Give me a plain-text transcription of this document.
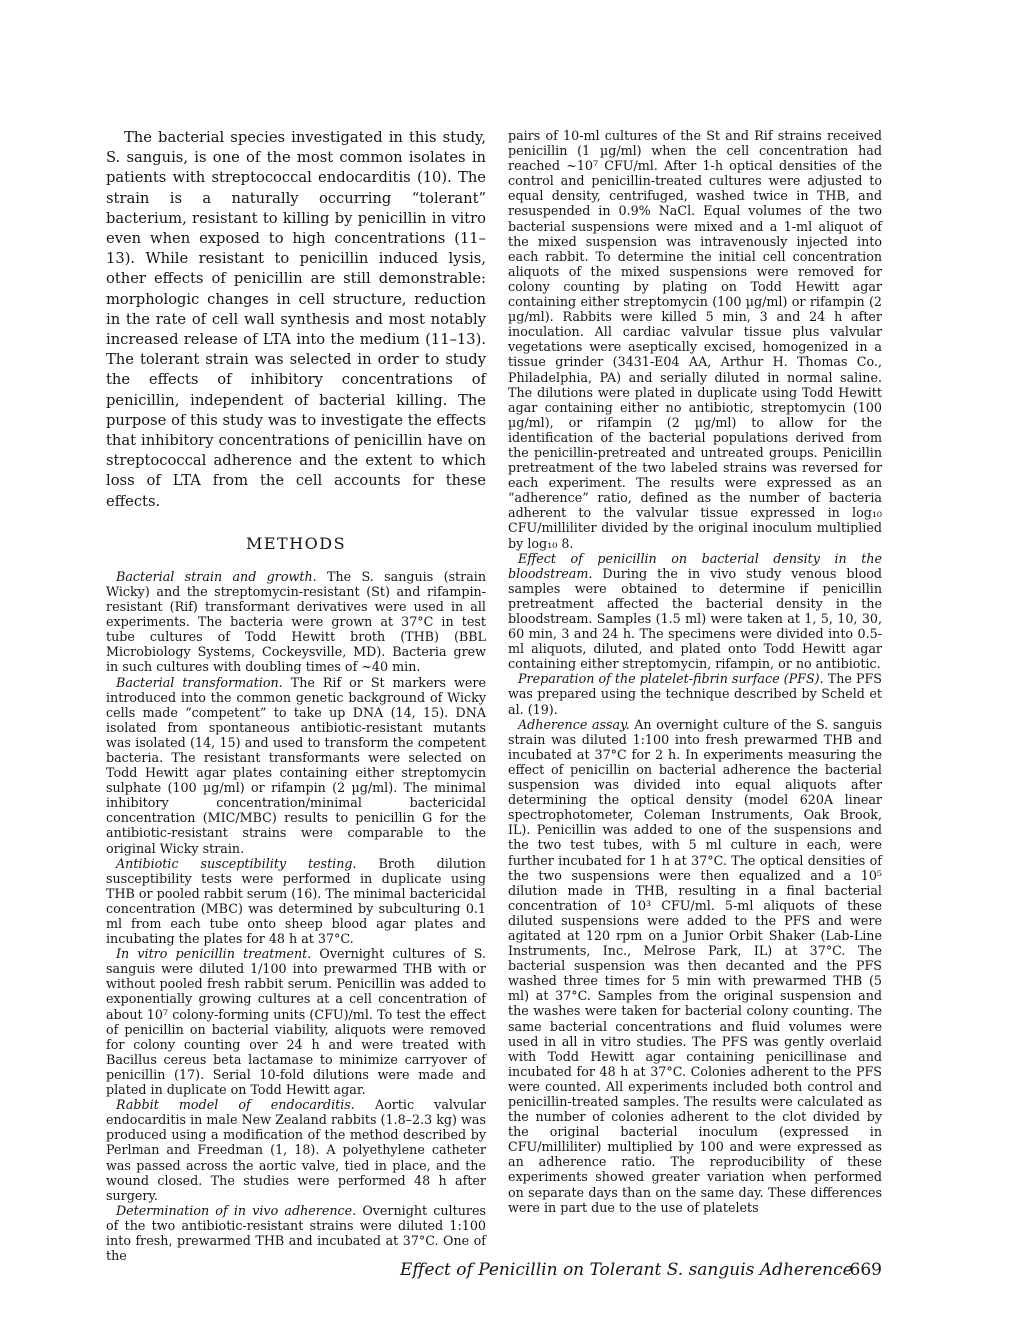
The bacterial species investigated in this study, S. sanguis, is one of the most common isolates in patients with streptococcal endocarditis (10). The strain is a naturally occurring “tolerant” bacterium, resistant to killing by penicillin in vitro even when exposed to high concentrations (11–13). While resistant to penicillin induced lysis, other effects of penicillin are still demonstrable: morphologic changes in cell structure, reduction in the rate of cell wall synthesis and most notably increased release of LTA into the medium (11–13). The tolerant strain was selected in order to study the effects of inhibitory concentrations of penicillin, independent of bacterial killing. The purpose of this study was to investigate the effects that inhibitory concentrations of penicillin have on streptococcal adherence and the extent to which loss of LTA from the cell accounts for these effects.

METHODS

Bacterial strain and growth. The S. sanguis (strain Wicky) and the streptomycin-resistant (St) and rifampin-resistant (Rif) transformant derivatives were used in all experiments. The bacteria were grown at 37°C in test tube cultures of Todd Hewitt broth (THB) (BBL Microbiology Systems, Cockeysville, MD). Bacteria grew in such cultures with doubling times of ~40 min.

Bacterial transformation. The Rif or St markers were introduced into the common genetic background of Wicky cells made “competent” to take up DNA (14, 15). DNA isolated from spontaneous antibiotic-resistant mutants was isolated (14, 15) and used to transform the competent bacteria. The resistant transformants were selected on Todd Hewitt agar plates containing either streptomycin sulphate (100 µg/ml) or rifampin (2 µg/ml). The minimal inhibitory concentration/minimal bactericidal concentration (MIC/MBC) results to penicillin G for the antibiotic-resistant strains were comparable to the original Wicky strain.

Antibiotic susceptibility testing. Broth dilution susceptibility tests were performed in duplicate using THB or pooled rabbit serum (16). The minimal bactericidal concentration (MBC) was determined by subculturing 0.1 ml from each tube onto sheep blood agar plates and incubating the plates for 48 h at 37°C.

In vitro penicillin treatment. Overnight cultures of S. sanguis were diluted 1/100 into prewarmed THB with or without pooled fresh rabbit serum. Penicillin was added to exponentially growing cultures at a cell concentration of about 10⁷ colony-forming units (CFU)/ml. To test the effect of penicillin on bacterial viability, aliquots were removed for colony counting over 24 h and were treated with Bacillus cereus beta lactamase to minimize carryover of penicillin (17). Serial 10-fold dilutions were made and plated in duplicate on Todd Hewitt agar.

Rabbit model of endocarditis. Aortic valvular endocarditis in male New Zealand rabbits (1.8–2.3 kg) was produced using a modification of the method described by Perlman and Freedman (1, 18). A polyethylene catheter was passed across the aortic valve, tied in place, and the wound closed. The studies were performed 48 h after surgery.

Determination of in vivo adherence. Overnight cultures of the two antibiotic-resistant strains were diluted 1:100 into fresh, prewarmed THB and incubated at 37°C. One of the

pairs of 10-ml cultures of the St and Rif strains received penicillin (1 µg/ml) when the cell concentration had reached ~10⁷ CFU/ml. After 1-h optical densities of the control and penicillin-treated cultures were adjusted to equal density, centrifuged, washed twice in THB, and resuspended in 0.9% NaCl. Equal volumes of the two bacterial suspensions were mixed and a 1-ml aliquot of the mixed suspension was intravenously injected into each rabbit. To determine the initial cell concentration aliquots of the mixed suspensions were removed for colony counting by plating on Todd Hewitt agar containing either streptomycin (100 µg/ml) or rifampin (2 µg/ml). Rabbits were killed 5 min, 3 and 24 h after inoculation. All cardiac valvular tissue plus valvular vegetations were aseptically excised, homogenized in a tissue grinder (3431-E04 AA, Arthur H. Thomas Co., Philadelphia, PA) and serially diluted in normal saline. The dilutions were plated in duplicate using Todd Hewitt agar containing either no antibiotic, streptomycin (100 µg/ml), or rifampin (2 µg/ml) to allow for the identification of the bacterial populations derived from the penicillin-pretreated and untreated groups. Penicillin pretreatment of the two labeled strains was reversed for each experiment. The results were expressed as an “adherence” ratio, defined as the number of bacteria adherent to the valvular tissue expressed in log₁₀ CFU/milliliter divided by the original inoculum multiplied by log₁₀ 8.

Effect of penicillin on bacterial density in the bloodstream. During the in vivo study venous blood samples were obtained to determine if penicillin pretreatment affected the bacterial density in the bloodstream. Samples (1.5 ml) were taken at 1, 5, 10, 30, 60 min, 3 and 24 h. The specimens were divided into 0.5-ml aliquots, diluted, and plated onto Todd Hewitt agar containing either streptomycin, rifampin, or no antibiotic.

Preparation of the platelet-fibrin surface (PFS). The PFS was prepared using the technique described by Scheld et al. (19).

Adherence assay. An overnight culture of the S. sanguis strain was diluted 1:100 into fresh prewarmed THB and incubated at 37°C for 2 h. In experiments measuring the effect of penicillin on bacterial adherence the bacterial suspension was divided into equal aliquots after determining the optical density (model 620A linear spectrophotometer, Coleman Instruments, Oak Brook, IL). Penicillin was added to one of the suspensions and the two test tubes, with 5 ml culture in each, were further incubated for 1 h at 37°C. The optical densities of the two suspensions were then equalized and a 10⁵ dilution made in THB, resulting in a final bacterial concentration of 10³ CFU/ml. 5-ml aliquots of these diluted suspensions were added to the PFS and were agitated at 120 rpm on a Junior Orbit Shaker (Lab-Line Instruments, Inc., Melrose Park, IL) at 37°C. The bacterial suspension was then decanted and the PFS washed three times for 5 min with prewarmed THB (5 ml) at 37°C. Samples from the original suspension and the washes were taken for bacterial colony counting. The same bacterial concentrations and fluid volumes were used in all in vitro studies. The PFS was gently overlaid with Todd Hewitt agar containing penicillinase and incubated for 48 h at 37°C. Colonies adherent to the PFS were counted. All experiments included both control and penicillin-treated samples. The results were calculated as the number of colonies adherent to the clot divided by the original bacterial inoculum (expressed in CFU/milliliter) multiplied by 100 and were expressed as an adherence ratio. The reproducibility of these experiments showed greater variation when performed on separate days than on the same day. These differences were in part due to the use of platelets

Effect of Penicillin on Tolerant S. sanguis Adherence
669
